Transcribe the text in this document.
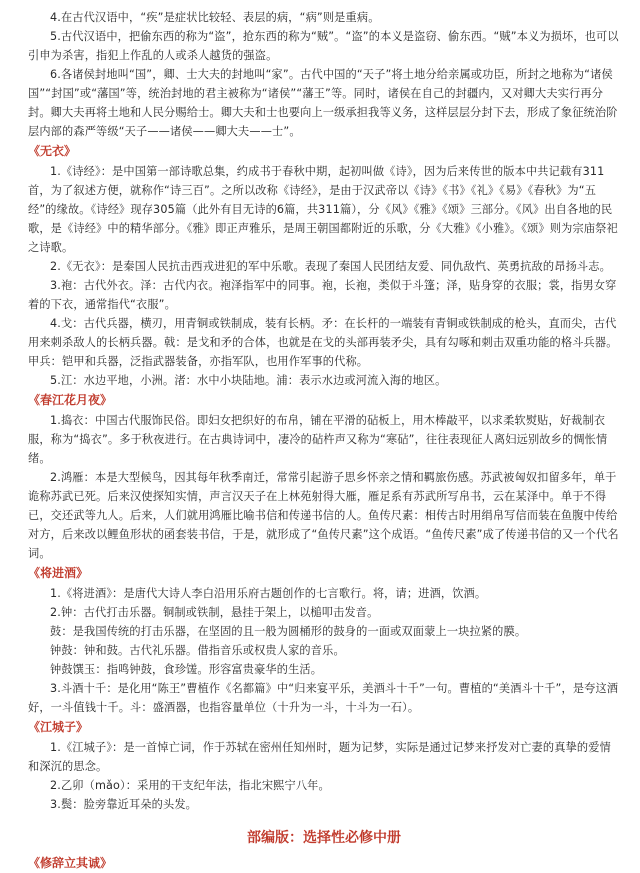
4.在古代汉语中，“疾”是症状比较轻、表层的病，“病”则是重病。

5.古代汉语中，把偷东西的称为“盗”，抢东西的称为“贼”。“盗”的本义是盗窃、偷东西。“贼”本义为损坏，也可以引申为杀害，指犯上作乱的人或杀人越货的强盗。

6.各诸侯封地叫“国”，卿、士大夫的封地叫“家”。古代中国的“天子”将土地分给亲属或功臣，所封之地称为“诸侯国”“封国”或“藩国”等，统治封地的君主被称为“诸侯”“藩王”等。同时，诸侯在自己的封疆内，又对卿大夫实行再分封。卿大夫再将土地和人民分赐给士。卿大夫和士也要向上一级承担我等义务，这样层层分封下去，形成了象征统治阶层内部的森严等级“天子——诸侯——卿大夫——士”。

《无衣》

1.《诗经》：是中国第一部诗歌总集，约成书于春秋中期，起初叫做《诗》，因为后来传世的版本中共记载有311首，为了叙述方便，就称作“诗三百”。之所以改称《诗经》，是由于汉武帝以《诗》《书》《礼》《易》《春秋》为“五经”的缘故。《诗经》现存305篇（此外有目无诗的6篇，共311篇），分《风》《雅》《颂》三部分。《风》出自各地的民歌，是《诗经》中的精华部分。《雅》即正声雅乐，是周王朝国都附近的乐歌，分《大雅》《小雅》。《颂》则为宗庙祭祀之诗歌。

2.《无衣》：是秦国人民抗击西戎进犯的军中乐歌。表现了秦国人民团结友爱、同仇敌忾、英勇抗敌的昂扬斗志。

3.袍：古代外衣。泽：古代内衣。袍泽指军中的同事。袍，长袍，类似于斗篷；泽，贴身穿的衣服；裳，指男女穿着的下衣，通常指代“衣服”。

4.戈：古代兵器，横刃，用青铜或铁制成，装有长柄。矛：在长杆的一端装有青铜或铁制成的枪头，直而尖，古代用来刺杀敌人的长柄兵器。戟：是戈和矛的合体，也就是在戈的头部再装矛尖，具有勾啄和刺击双重功能的格斗兵器。甲兵：铠甲和兵器，泛指武器装备，亦指军队，也用作军事的代称。

5.江：水边平地，小洲。渚：水中小块陆地。浦：表示水边或河流入海的地区。

《春江花月夜》

1.捣衣：中国古代服饰民俗。即妇女把织好的布帛，铺在平滑的砧板上，用木棒敲平，以求柔软熨贴，好裁制衣服，称为“捣衣”。多于秋夜进行。在古典诗词中，凄冷的砧杵声又称为“寒砧”，往往表现征人离妇远别故乡的惆怅情绪。

2.鸿雁：本是大型候鸟，因其每年秋季南迁，常常引起游子思乡怀亲之情和羁旅伤感。苏武被匈奴扣留多年，单于诡称苏武已死。后来汉使探知实情，声言汉天子在上林苑射得大雁，雁足系有苏武所写帛书，云在某泽中。单于不得已，交还武等九人。后来，人们就用鸿雁比喻书信和传递书信的人。鱼传尺素：相传古时用绢帛写信而装在鱼腹中传给对方，后来改以鲤鱼形状的函套装书信，于是，就形成了“鱼传尺素”这个成语。“鱼传尺素”成了传递书信的又一个代名词。

《将进酒》

1.《将进酒》：是唐代大诗人李白沿用乐府古题创作的七言歌行。将，请；进酒，饮酒。

2.钟：古代打击乐器。铜制或铁制，悬挂于架上，以槌叩击发音。

鼓：是我国传统的打击乐器，在坚固的且一般为圆桶形的鼓身的一面或双面蒙上一块拉紧的膜。

钟鼓：钟和鼓。古代礼乐器。借指音乐或权贵人家的音乐。

钟鼓馔玉：指鸣钟鼓，食珍馐。形容富贵豪华的生活。

3.斗酒十千：是化用“陈王”曹植作《名都篇》中“归来宴平乐，美酒斗十千”一句。曹植的“美酒斗十千”，是夸这酒好，一斗值钱十千。斗：盛酒器，也指容量单位（十升为一斗，十斗为一石）。

《江城子》

1.《江城子》：是一首悼亡词，作于苏轼在密州任知州时，题为记梦，实际是通过记梦来抒发对亡妻的真挚的爱情和深沉的思念。

2.乙卯（mǎo）：采用的干支纪年法，指北宋熙宁八年。

3.鬓：脸旁靠近耳朵的头发。

部编版：选择性必修中册
《修辞立其诚》
